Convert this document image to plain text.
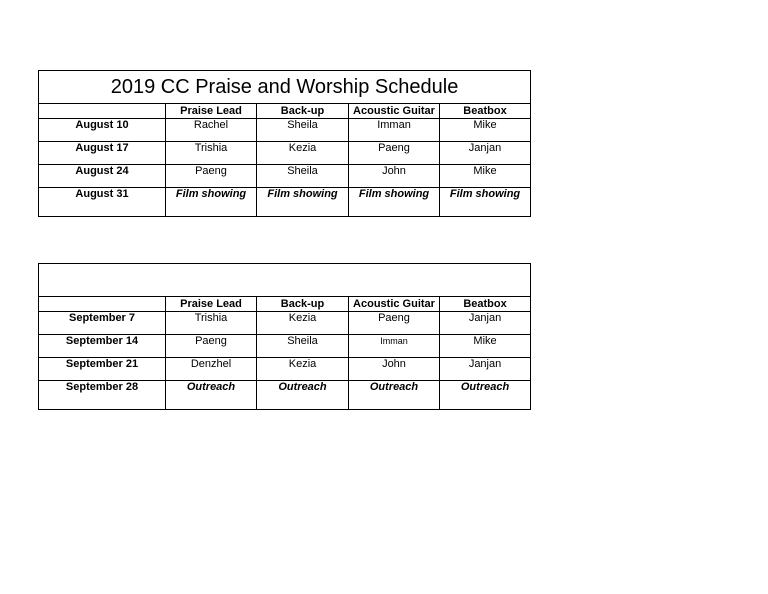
2019 CC Praise and Worship Schedule				
	Praise Lead	Back-up	Acoustic Guitar	Beatbox
August 10	Rachel	Sheila	Imman	Mike
August 17	Trishia	Kezia	Paeng	Janjan
August 24	Paeng	Sheila	John	Mike
August 31	Film showing	Film showing	Film showing	Film showing

	Praise Lead	Back-up	Acoustic Guitar	Beatbox
September 7	Trishia	Kezia	Paeng	Janjan
September 14	Paeng	Sheila	Imman	Mike
September 21	Denzhel	Kezia	John	Janjan
September 28	Outreach	Outreach	Outreach	Outreach
